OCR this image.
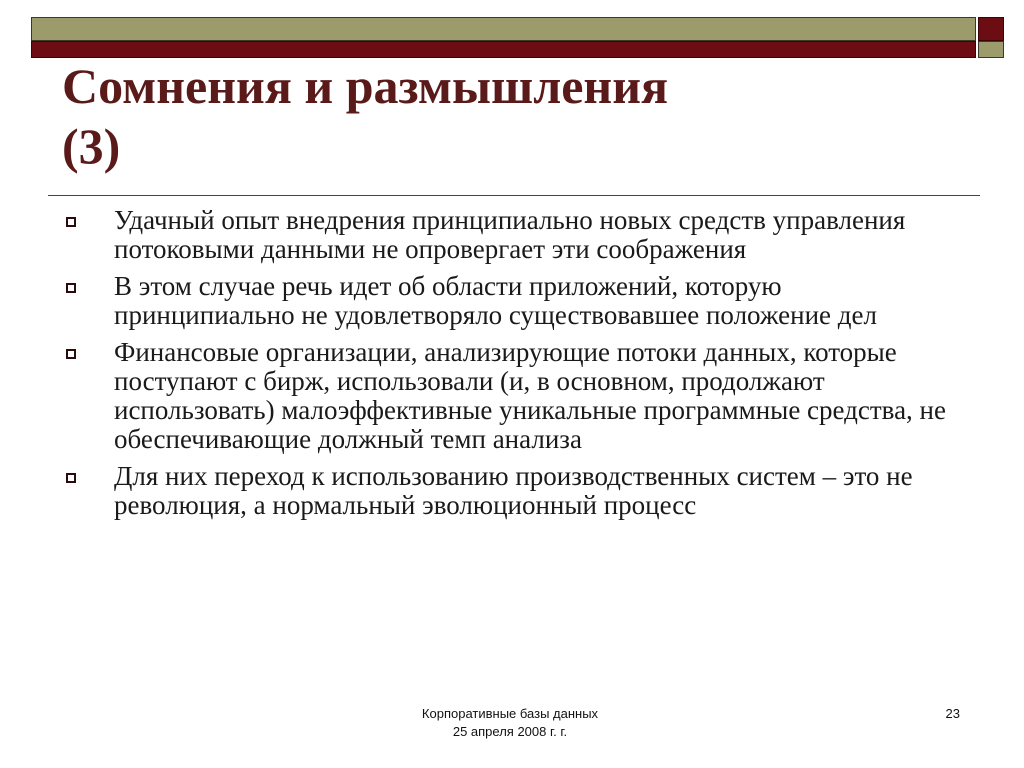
Сомнения и размышления
(3)
Удачный опыт внедрения принципиально новых средств управления потоковыми данными не опровергает эти соображения
В этом случае речь идет об области приложений, которую принципиально не удовлетворяло существовавшее положение дел
Финансовые организации, анализирующие потоки данных, которые поступают с бирж, использовали (и, в основном, продолжают использовать) малоэффективные уникальные программные средства, не обеспечивающие должный темп анализа
Для них переход к использованию производственных систем – это не революция, а нормальный эволюционный процесс
Корпоративные базы данных
25 апреля 2008 г. г.
23
